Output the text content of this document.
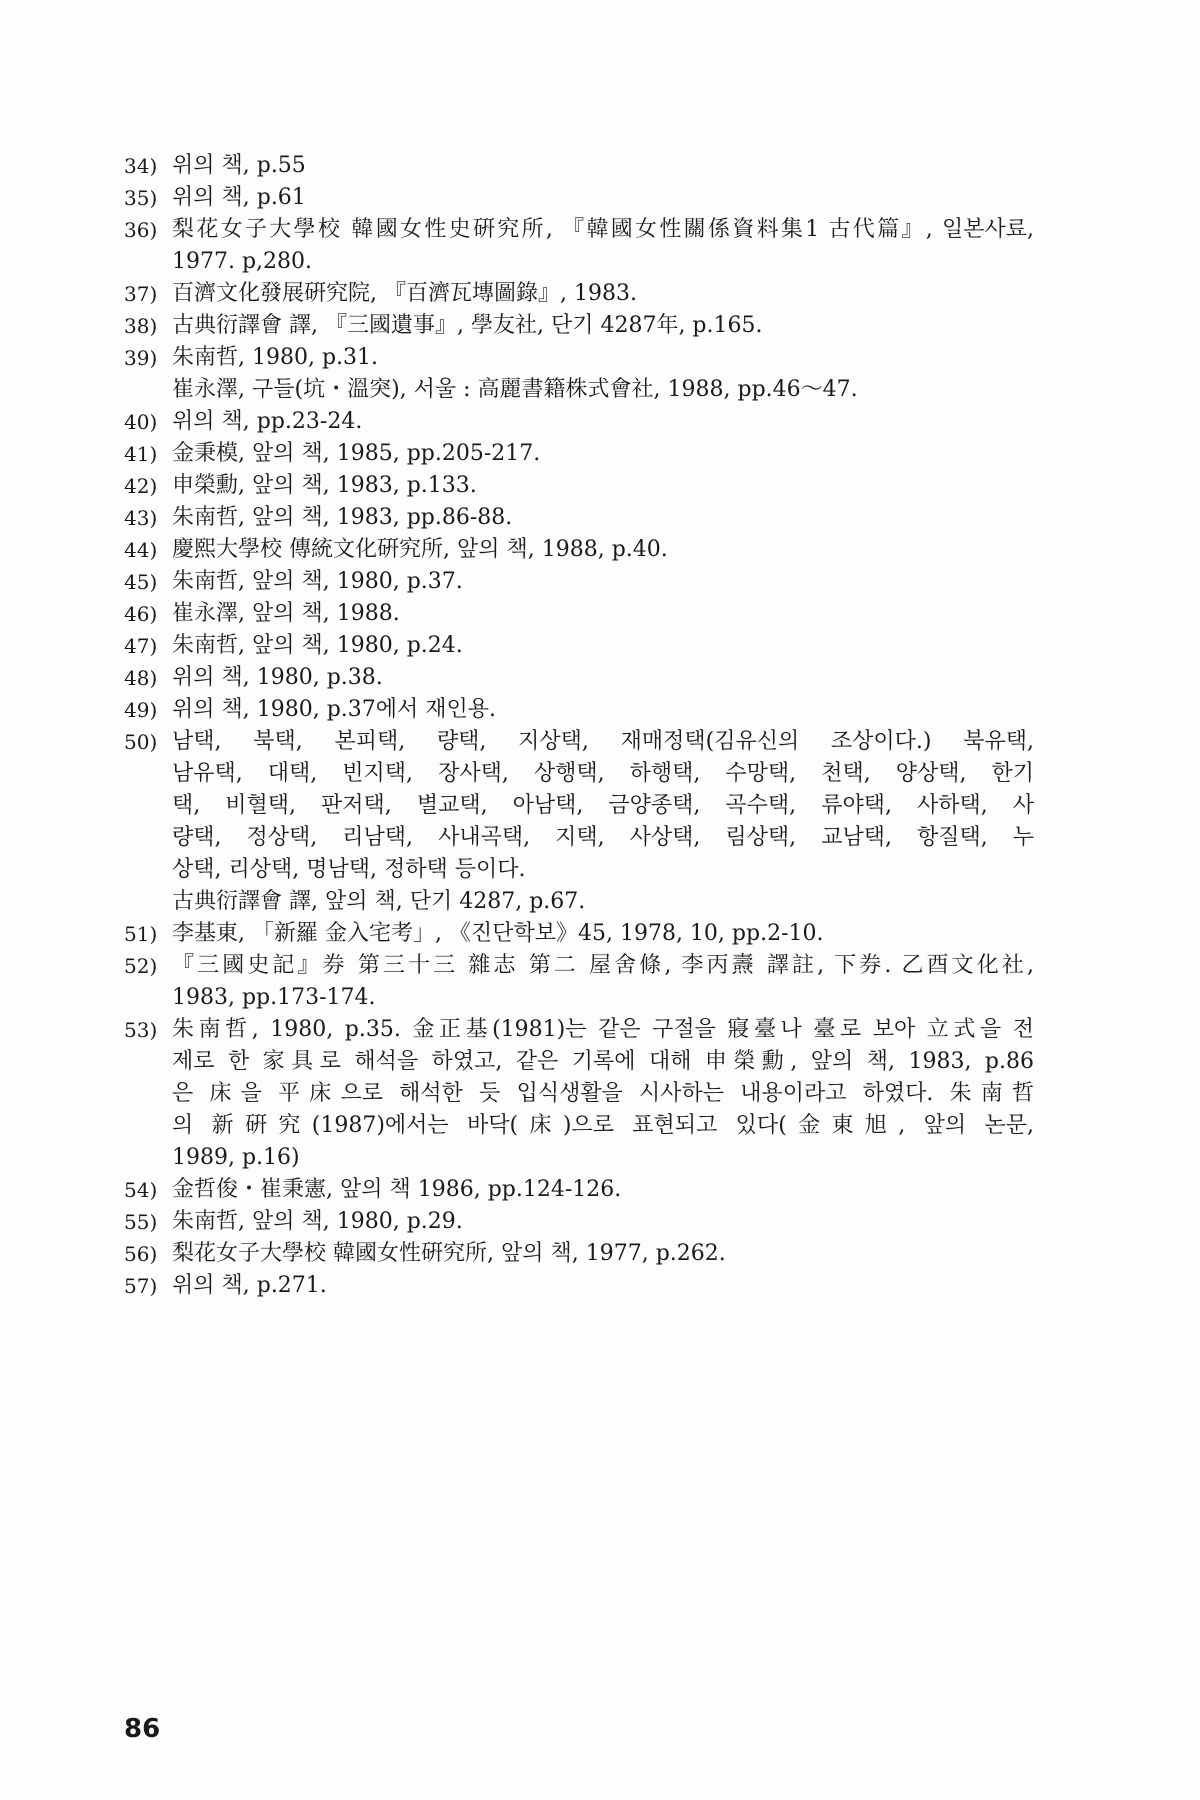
34) 위의 책, p.55
35) 위의 책, p.61
36) 梨花女子大學校 韓國女性史硏究所, 『韓國女性關係資料集1 古代篇』, 일본사료,
1977. p,280.
37) 百濟文化發展硏究院, 『百濟瓦塼圖錄』, 1983.
38) 古典衍譯會 譯, 『三國遺事』, 學友社, 단기 4287年, p.165.
39) 朱南哲, 1980, p.31.
崔永澤, 구들(坑・溫突), 서울 : 高麗書籍株式會社, 1988, pp.46～47.
40) 위의 책, pp.23-24.
41) 金秉模, 앞의 책, 1985, pp.205-217.
42) 申榮勳, 앞의 책, 1983, p.133.
43) 朱南哲, 앞의 책, 1983, pp.86-88.
44) 慶熙大學校 傳統文化硏究所, 앞의 책, 1988, p.40.
45) 朱南哲, 앞의 책, 1980, p.37.
46) 崔永澤, 앞의 책, 1988.
47) 朱南哲, 앞의 책, 1980, p.24.
48) 위의 책, 1980, p.38.
49) 위의 책, 1980, p.37에서 재인용.
50) 남택, 북택, 본피택, 량택, 지상택, 재매정택(김유신의 조상이다.) 북유택,
남유택, 대택, 빈지택, 장사택, 상행택, 하행택, 수망택, 천택, 양상택, 한기
택, 비혈택, 판저택, 별교택, 아남택, 금양종택, 곡수택, 류야택, 사하택, 사
량택, 정상택, 리남택, 사내곡택, 지택, 사상택, 림상택, 교남택, 항질택, 누
상택, 리상택, 명남택, 정하택 등이다.
古典衍譯會 譯, 앞의 책, 단기 4287, p.67.
51) 李基東, 「新羅 金入宅考」, 《진단학보》45, 1978, 10, pp.2-10.
52) 『三國史記』券 第三十三 雜志 第二 屋舍條, 李丙燾 譯註, 下券. 乙酉文化社,
1983, pp.173-174.
53) 朱南哲, 1980, p.35. 金正基(1981)는 같은 구절을 寢臺나 臺로 보아 立式을 전
제로 한 家具로 해석을 하였고, 같은 기록에 대해 申榮勳, 앞의 책, 1983, p.86
은 床을 平床으로 해석한 듯 입식생활을 시사하는 내용이라고 하였다. 朱南哲
의 新硏究(1987)에서는 바닥(床)으로 표현되고 있다(金東旭, 앞의 논문,
1989, p.16)
54) 金哲俊・崔秉憲, 앞의 책 1986, pp.124-126.
55) 朱南哲, 앞의 책, 1980, p.29.
56) 梨花女子大學校 韓國女性硏究所, 앞의 책, 1977, p.262.
57) 위의 책, p.271.
86
